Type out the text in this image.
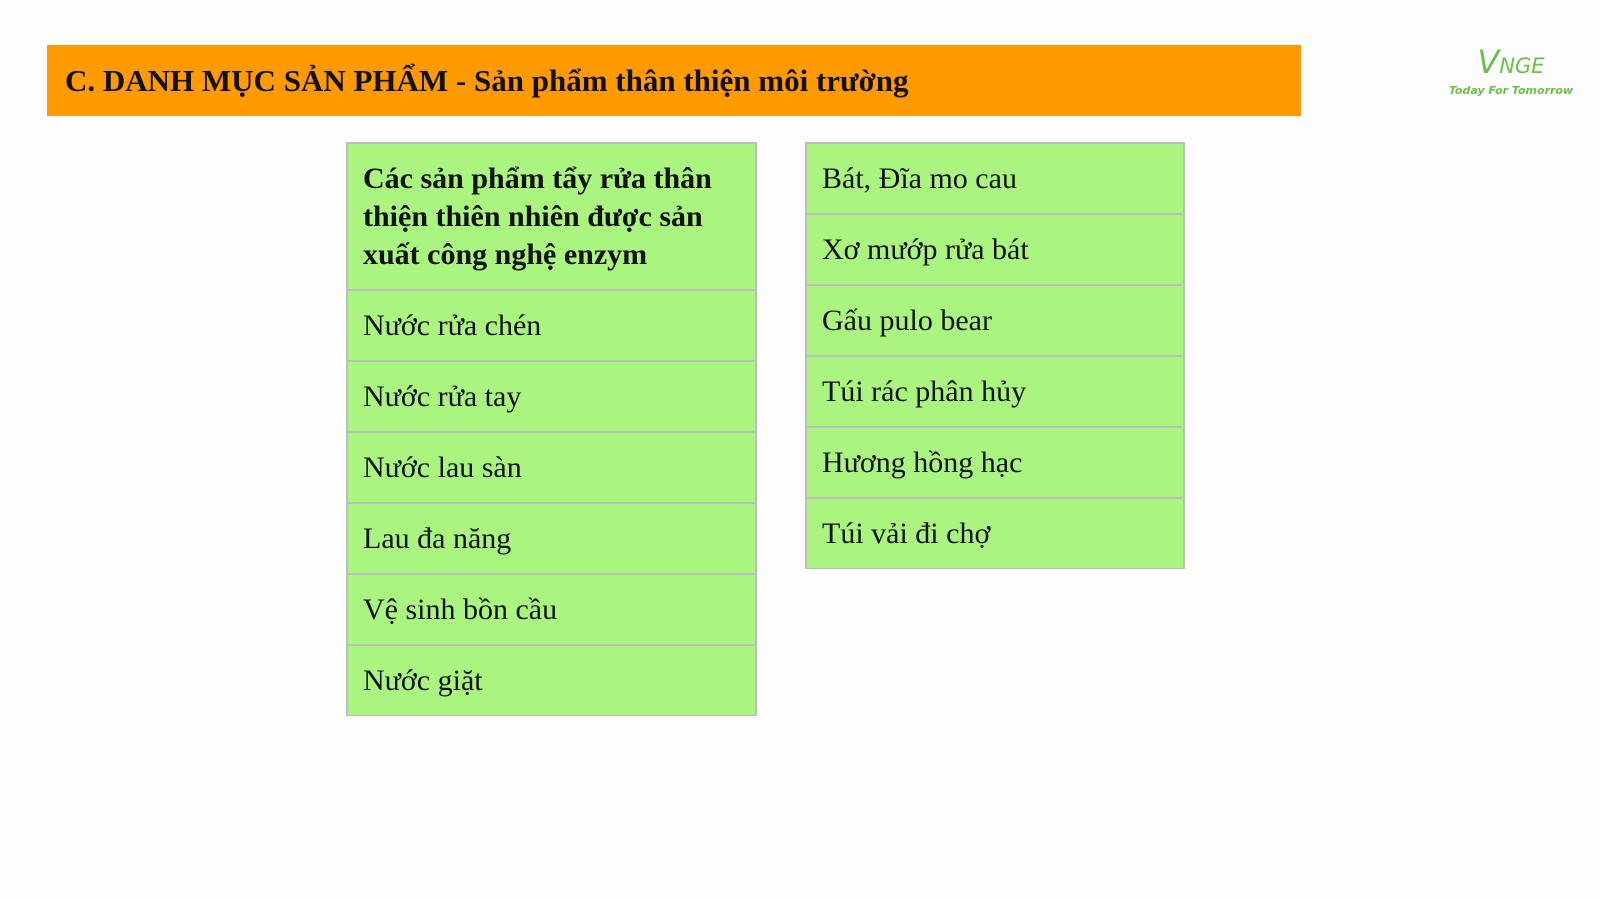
C. DANH MỤC SẢN PHẨM - Sản phẩm thân thiện môi trường	VNGE
Today For Tomorrow
Các sản phẩm tẩy rửa thân thiện thiên nhiên được sản xuất công nghệ enzym
Nước rửa chén
Nước rửa tay
Nước lau sàn
Lau đa năng
Vệ sinh bồn cầu
Nước giặt
Bát, Đĩa mo cau
Xơ mướp rửa bát
Gấu pulo bear
Túi rác phân hủy
Hương hồng hạc
Túi vải đi chợ
